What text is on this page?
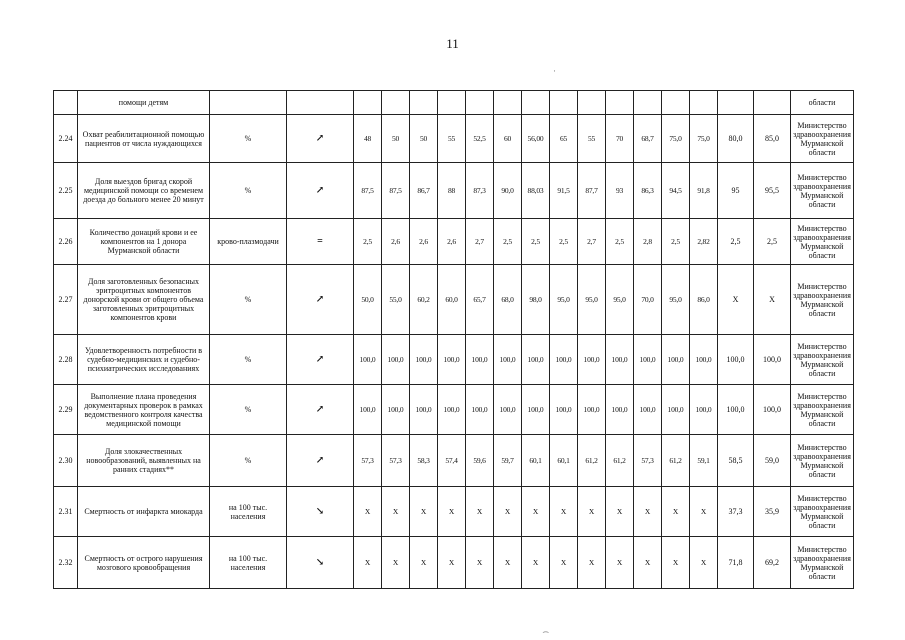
11
	помощи детям																		области
2.24	Охват реабилитационной помощью пациентов от числа нуждающихся	%	↗	48	50	50	55	52,5	60	56,00	65	55	70	68,7	75,0	75,0	80,0	85,0	Министерство здравоохранения Мурманской области
2.25	Доля выездов бригад скорой медицинской помощи со временем доезда до больного менее 20 минут	%	↗	87,5	87,5	86,7	88	87,3	90,0	88,03	91,5	87,7	93	86,3	94,5	91,8	95	95,5	Министерство здравоохранения Мурманской области
2.26	Количество донаций крови и ее компонентов на 1 донора Мурманской области	крово-плазмодачи	=	2,5	2,6	2,6	2,6	2,7	2,5	2,5	2,5	2,7	2,5	2,8	2,5	2,82	2,5	2,5	Министерство здравоохранения Мурманской области
2.27	Доля заготовленных безопасных эритроцитных компонентов донорской крови от общего объема заготовленных эритроцитных компонентов крови	%	↗	50,0	55,0	60,2	60,0	65,7	68,0	98,0	95,0	95,0	95,0	70,0	95,0	86,0	Х	Х	Министерство здравоохранения Мурманской области
2.28	Удовлетворенность потребности в судебно-медицинских и судебно-психиатрических исследованиях	%	↗	100,0	100,0	100,0	100,0	100,0	100,0	100,0	100,0	100,0	100,0	100,0	100,0	100,0	100,0	100,0	Министерство здравоохранения Мурманской области
2.29	Выполнение плана проведения документарных проверок в рамках ведомственного контроля качества медицинской помощи	%	↗	100,0	100,0	100,0	100,0	100,0	100,0	100,0	100,0	100,0	100,0	100,0	100,0	100,0	100,0	100,0	Министерство здравоохранения Мурманской области
2.30	Доля злокачественных новообразований, выявленных на ранних стадиях**	%	↗	57,3	57,3	58,3	57,4	59,6	59,7	60,1	60,1	61,2	61,2	57,3	61,2	59,1	58,5	59,0	Министерство здравоохранения Мурманской области
2.31	Смертность от инфаркта миокарда	на 100 тыс. населения	↘	Х	Х	Х	Х	Х	Х	Х	Х	Х	Х	Х	Х	Х	37,3	35,9	Министерство здравоохранения Мурманской области
2.32	Смертность от острого нарушения мозгового кровообращения	на 100 тыс. населения	↘	Х	Х	Х	Х	Х	Х	Х	Х	Х	Х	Х	Х	Х	71,8	69,2	Министерство здравоохранения Мурманской области
·
